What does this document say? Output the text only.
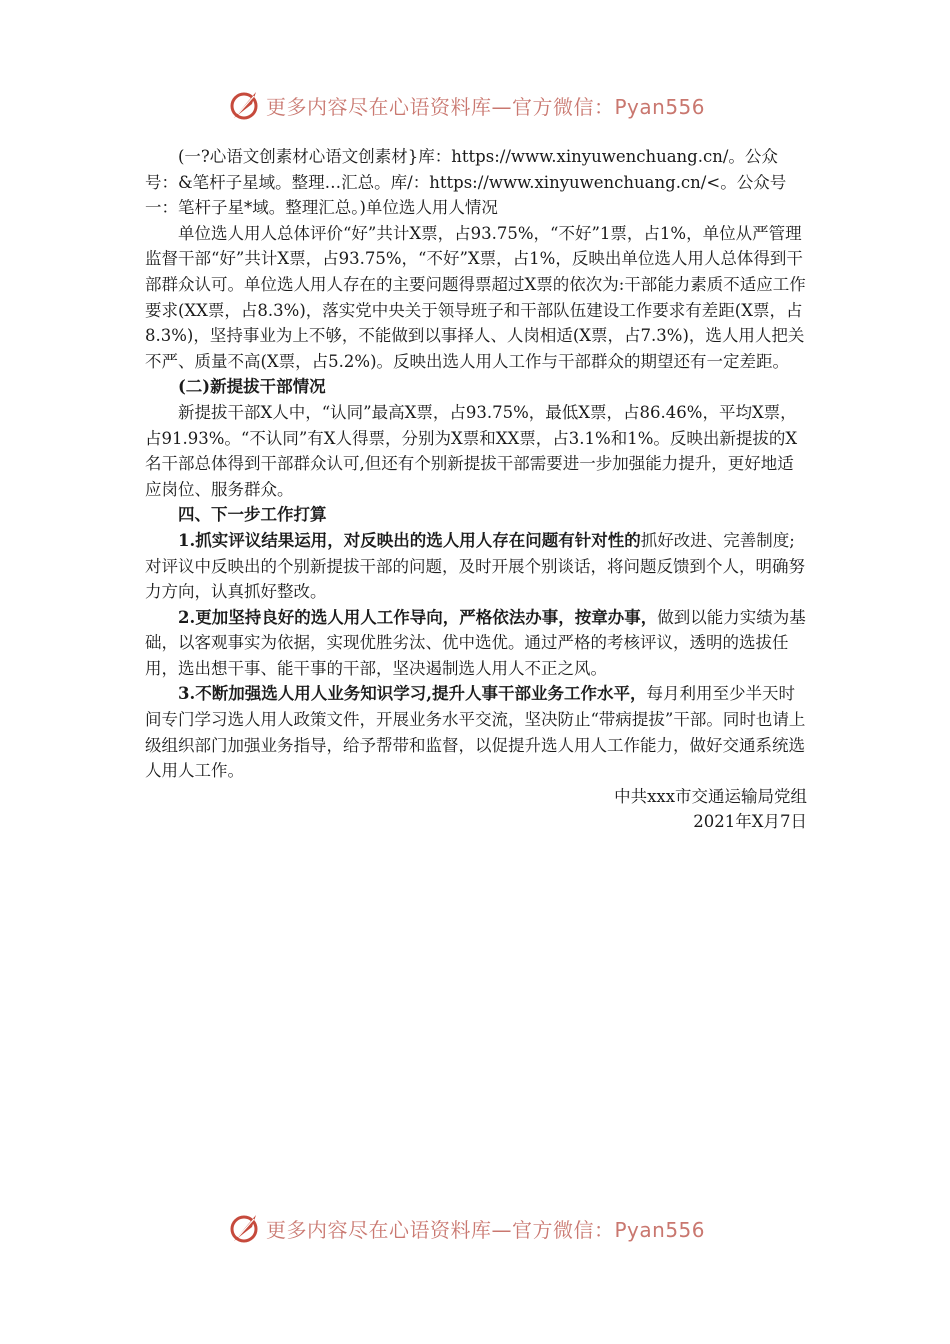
更多内容尽在心语资料库—官方微信：Pyan556

(一?心语文创素材心语文创素材}库：https://www.xinyuwenchuang.cn/。公众号：&笔杆子星域。整理…汇总。库/：https://www.xinyuwenchuang.cn/<。公众号一：笔杆子星*域。整理汇总。)单位选人用人情况

单位选人用人总体评价“好”共计X票，占93.75%，“不好”1票，占1%，单位从严管理监督干部“好”共计X票，占93.75%，“不好”X票，占1%，反映出单位选人用人总体得到干部群众认可。单位选人用人存在的主要问题得票超过X票的依次为:干部能力素质不适应工作要求(XX票，占8.3%)，落实党中央关于领导班子和干部队伍建设工作要求有差距(X票，占8.3%)，坚持事业为上不够，不能做到以事择人、人岗相适(X票，占7.3%)，选人用人把关不严、质量不高(X票，占5.2%)。反映出选人用人工作与干部群众的期望还有一定差距。

(二)新提拔干部情况

新提拔干部X人中，“认同”最高X票，占93.75%，最低X票，占86.46%，平均X票，占91.93%。“不认同”有X人得票，分别为X票和XX票，占3.1%和1%。反映出新提拔的X名干部总体得到干部群众认可,但还有个别新提拔干部需要进一步加强能力提升，更好地适应岗位、服务群众。

四、下一步工作打算

1.抓实评议结果运用，对反映出的选人用人存在问题有针对性的抓好改进、完善制度;对评议中反映出的个别新提拔干部的问题，及时开展个别谈话，将问题反馈到个人，明确努力方向，认真抓好整改。

2.更加坚持良好的选人用人工作导向，严格依法办事，按章办事，做到以能力实绩为基础，以客观事实为依据，实现优胜劣汰、优中选优。通过严格的考核评议，透明的选拔任用，选出想干事、能干事的干部，坚决遏制选人用人不正之风。

3.不断加强选人用人业务知识学习,提升人事干部业务工作水平，每月利用至少半天时间专门学习选人用人政策文件，开展业务水平交流，坚决防止“带病提拔”干部。同时也请上级组织部门加强业务指导，给予帮带和监督，以促提升选人用人工作能力，做好交通系统选人用人工作。

中共xxx市交通运输局党组

2021年X月7日

更多内容尽在心语资料库—官方微信：Pyan556
